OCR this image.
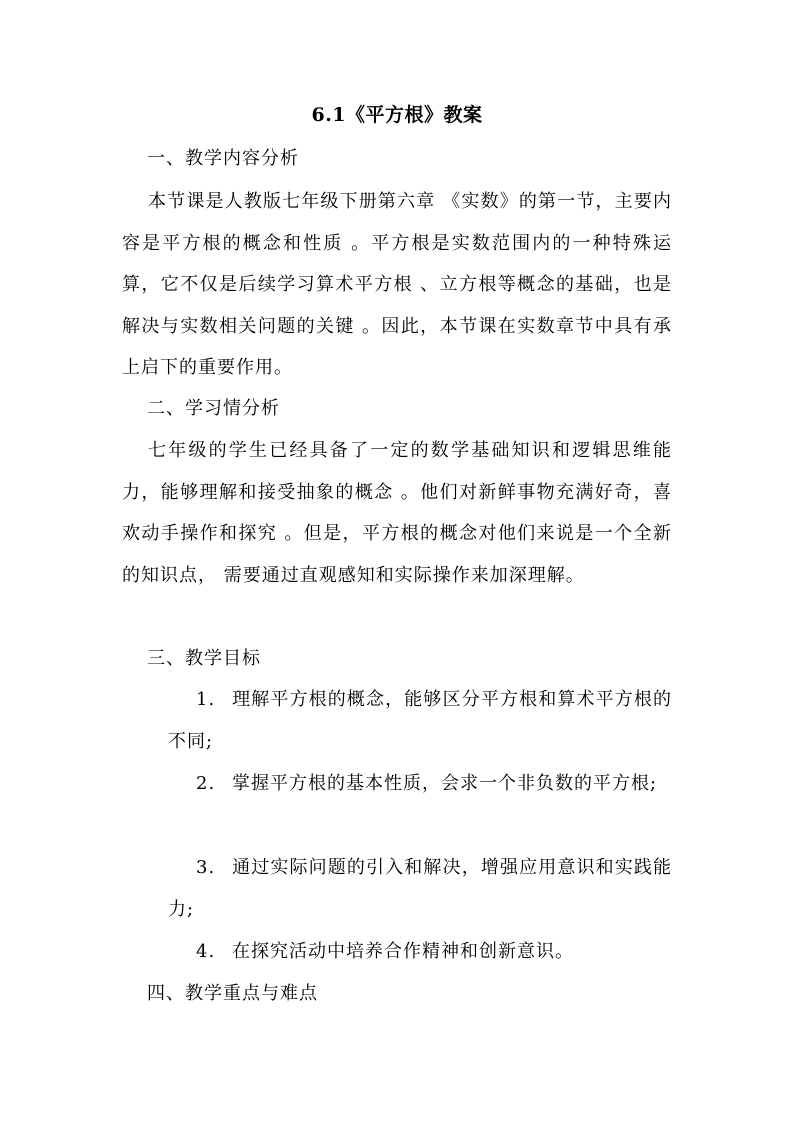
6.1《平方根》教案
一、教学内容分析
本节课是人教版七年级下册第六章 《实数》的第一节，主要内容是平方根的概念和性质 。平方根是实数范围内的一种特殊运算，它不仅是后续学习算术平方根 、立方根等概念的基础，也是解决与实数相关问题的关键 。因此，本节课在实数章节中具有承上启下的重要作用。
二、学习情分析
七年级的学生已经具备了一定的数学基础知识和逻辑思维能力，能够理解和接受抽象的概念 。他们对新鲜事物充满好奇，喜欢动手操作和探究 。但是，平方根的概念对他们来说是一个全新的知识点， 需要通过直观感知和实际操作来加深理解。
三、教学目标
1. 理解平方根的概念，能够区分平方根和算术平方根的不同;
2. 掌握平方根的基本性质，会求一个非负数的平方根;
3. 通过实际问题的引入和解决，增强应用意识和实践能力;
4. 在探究活动中培养合作精神和创新意识。
四、教学重点与难点
